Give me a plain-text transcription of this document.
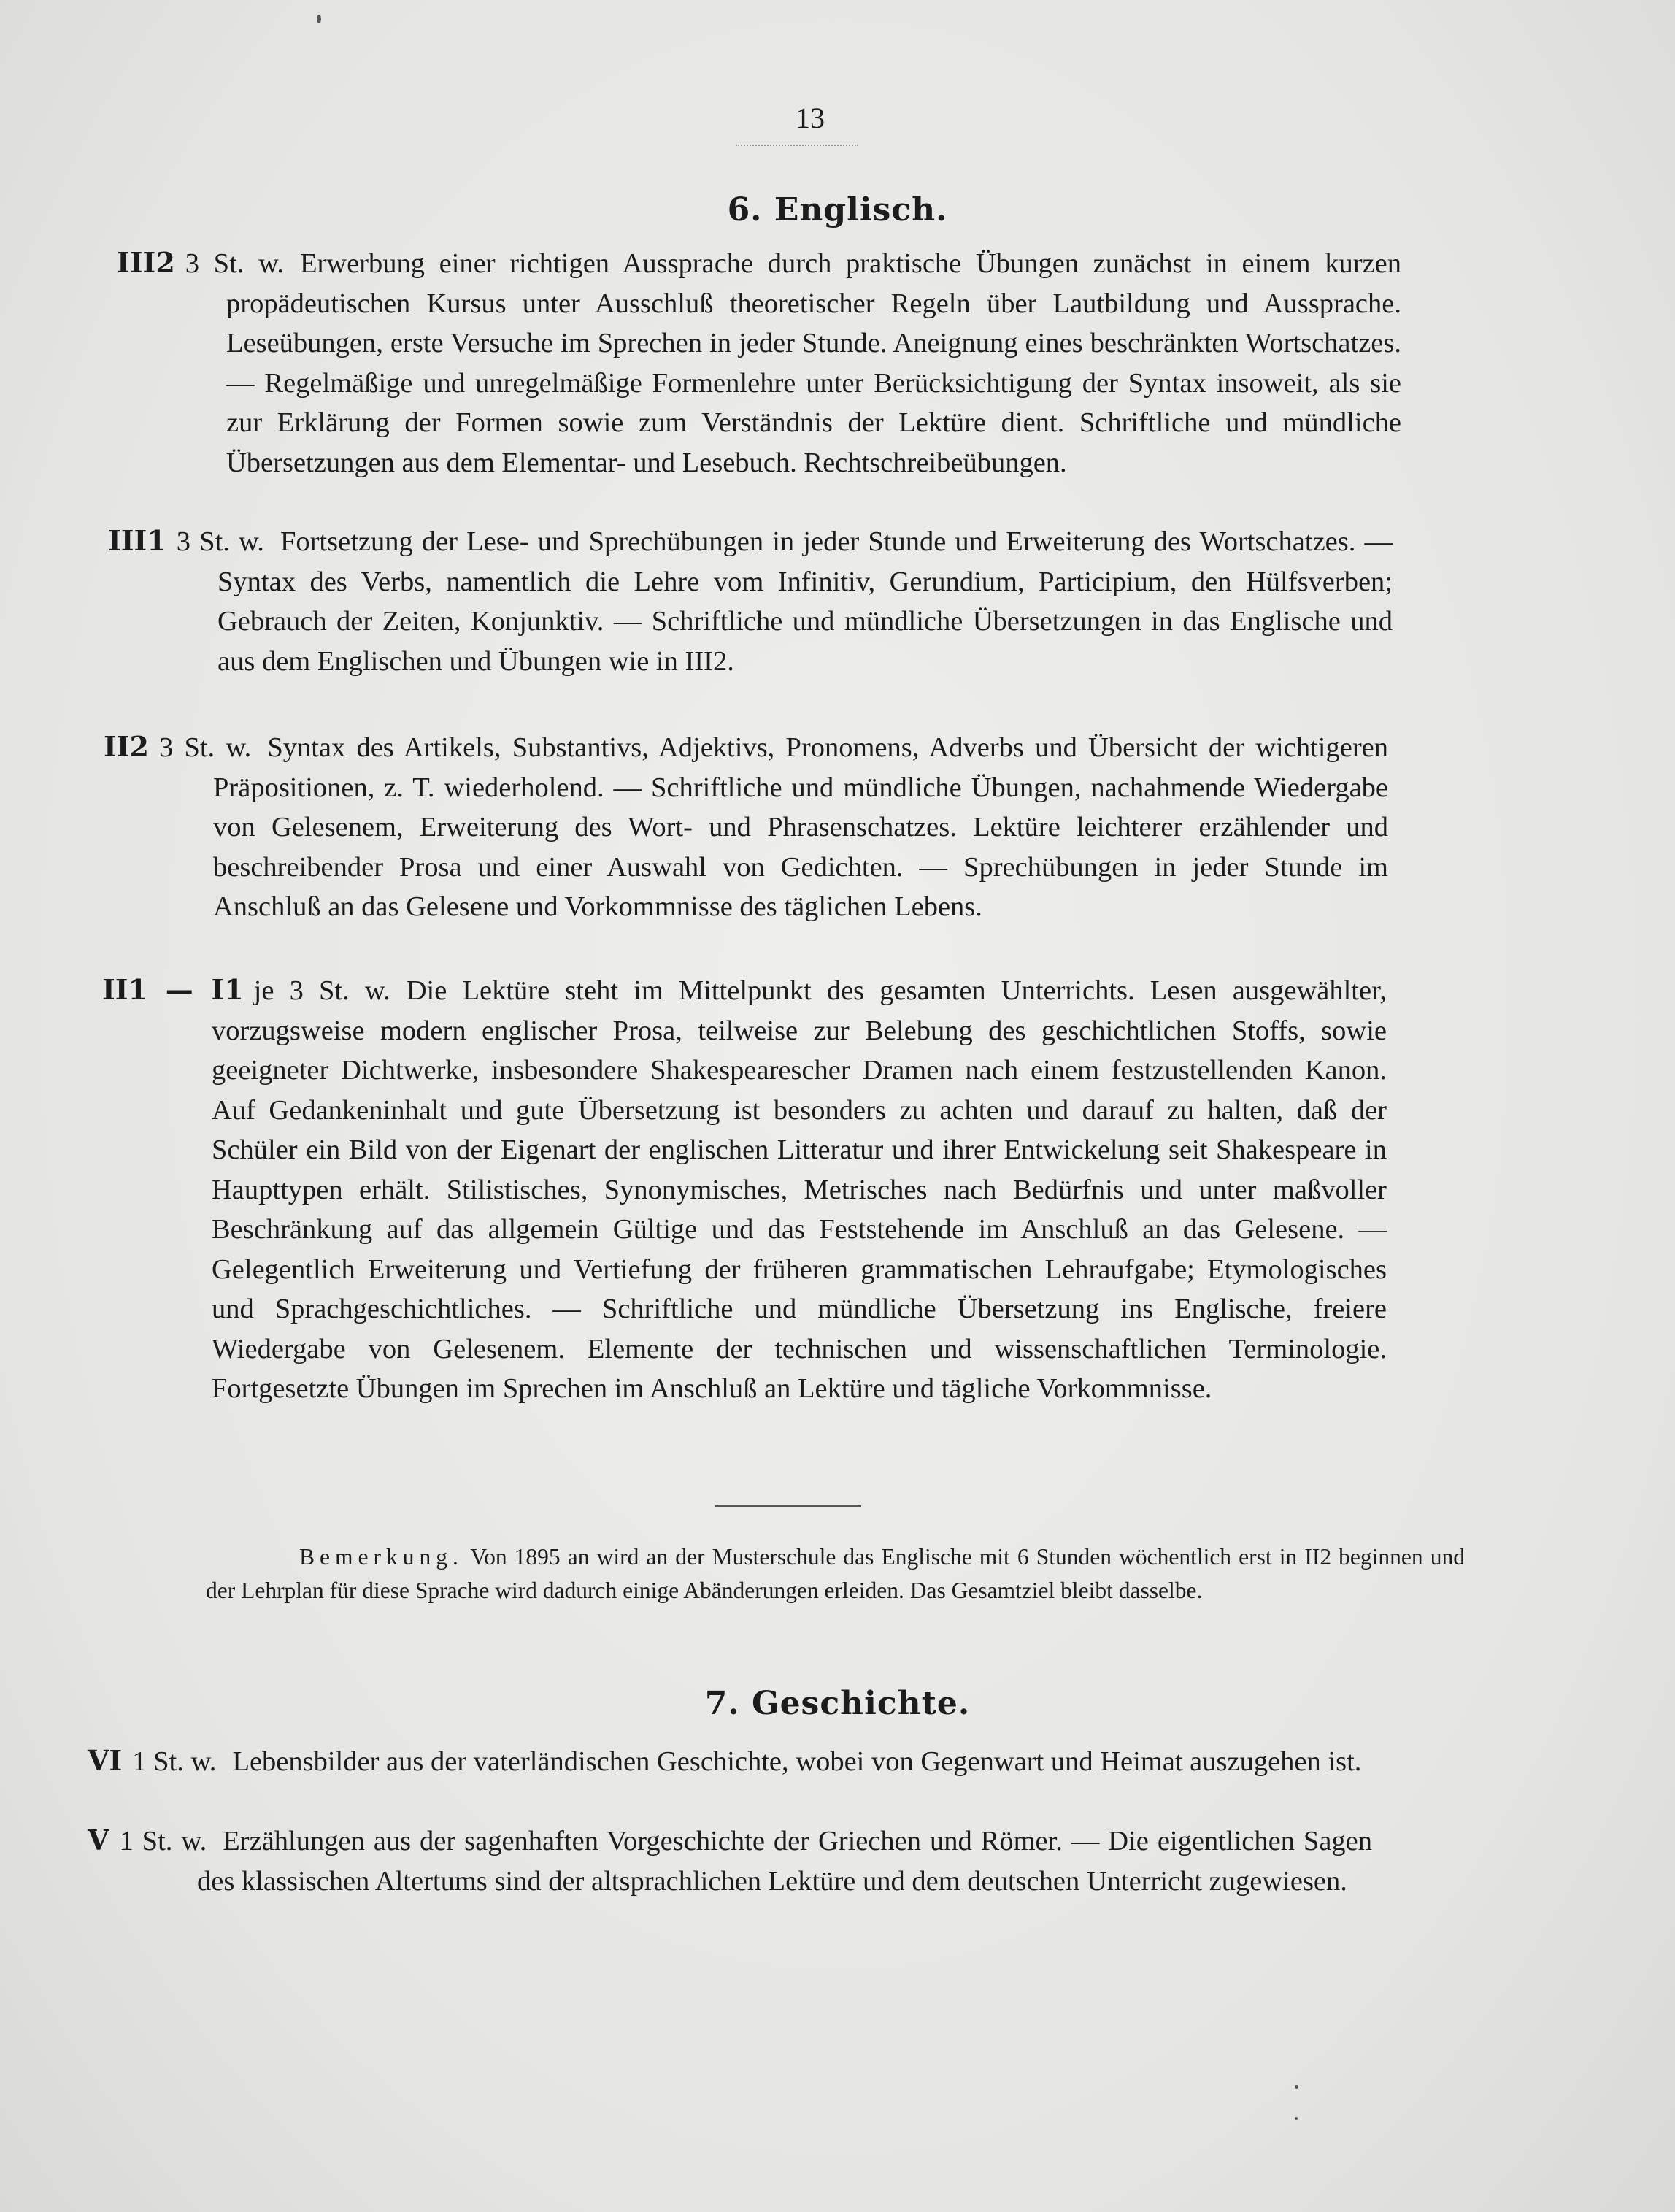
13
6. Englisch.
III2 3 St. w. Erwerbung einer richtigen Aussprache durch praktische Übungen zunächst in einem kurzen propädeutischen Kursus unter Ausschluß theoretischer Regeln über Lautbildung und Aussprache. Leseübungen, erste Versuche im Sprechen in jeder Stunde. Aneignung eines beschränkten Wortschatzes. — Regelmäßige und unregelmäßige Formenlehre unter Berücksichtigung der Syntax insoweit, als sie zur Erklärung der Formen sowie zum Verständnis der Lektüre dient. Schriftliche und mündliche Übersetzungen aus dem Elementar- und Lesebuch. Rechtschreibeübungen.
III1 3 St. w. Fortsetzung der Lese- und Sprechübungen in jeder Stunde und Erweiterung des Wortschatzes. — Syntax des Verbs, namentlich die Lehre vom Infinitiv, Gerundium, Participium, den Hülfsverben; Gebrauch der Zeiten, Konjunktiv. — Schriftliche und mündliche Übersetzungen in das Englische und aus dem Englischen und Übungen wie in III2.
II2 3 St. w. Syntax des Artikels, Substantivs, Adjektivs, Pronomens, Adverbs und Übersicht der wichtigeren Präpositionen, z. T. wiederholend. — Schriftliche und mündliche Übungen, nachahmende Wiedergabe von Gelesenem, Erweiterung des Wort- und Phrasenschatzes. Lektüre leichterer erzählender und beschreibender Prosa und einer Auswahl von Gedichten. — Sprechübungen in jeder Stunde im Anschluß an das Gelesene und Vorkommnisse des täglichen Lebens.
II1 — I1 je 3 St. w. Die Lektüre steht im Mittelpunkt des gesamten Unterrichts. Lesen ausgewählter, vorzugsweise modern englischer Prosa, teilweise zur Belebung des geschichtlichen Stoffs, sowie geeigneter Dichtwerke, insbesondere Shakespearescher Dramen nach einem festzustellenden Kanon. Auf Gedankeninhalt und gute Übersetzung ist besonders zu achten und darauf zu halten, daß der Schüler ein Bild von der Eigenart der englischen Litteratur und ihrer Entwickelung seit Shakespeare in Haupttypen erhält. Stilistisches, Synonymisches, Metrisches nach Bedürfnis und unter maßvoller Beschränkung auf das allgemein Gültige und das Feststehende im Anschluß an das Gelesene. — Gelegentlich Erweiterung und Vertiefung der früheren grammatischen Lehraufgabe; Etymologisches und Sprachgeschichtliches. — Schriftliche und mündliche Übersetzung ins Englische, freiere Wiedergabe von Gelesenem. Elemente der technischen und wissenschaftlichen Terminologie. Fortgesetzte Übungen im Sprechen im Anschluß an Lektüre und tägliche Vorkommnisse.
Bemerkung. Von 1895 an wird an der Musterschule das Englische mit 6 Stunden wöchentlich erst in II2 beginnen und der Lehrplan für diese Sprache wird dadurch einige Abänderungen erleiden. Das Gesamtziel bleibt dasselbe.
7. Geschichte.
VI 1 St. w. Lebensbilder aus der vaterländischen Geschichte, wobei von Gegenwart und Heimat auszugehen ist.
V 1 St. w. Erzählungen aus der sagenhaften Vorgeschichte der Griechen und Römer. — Die eigentlichen Sagen des klassischen Altertums sind der altsprachlichen Lektüre und dem deutschen Unterricht zugewiesen.
